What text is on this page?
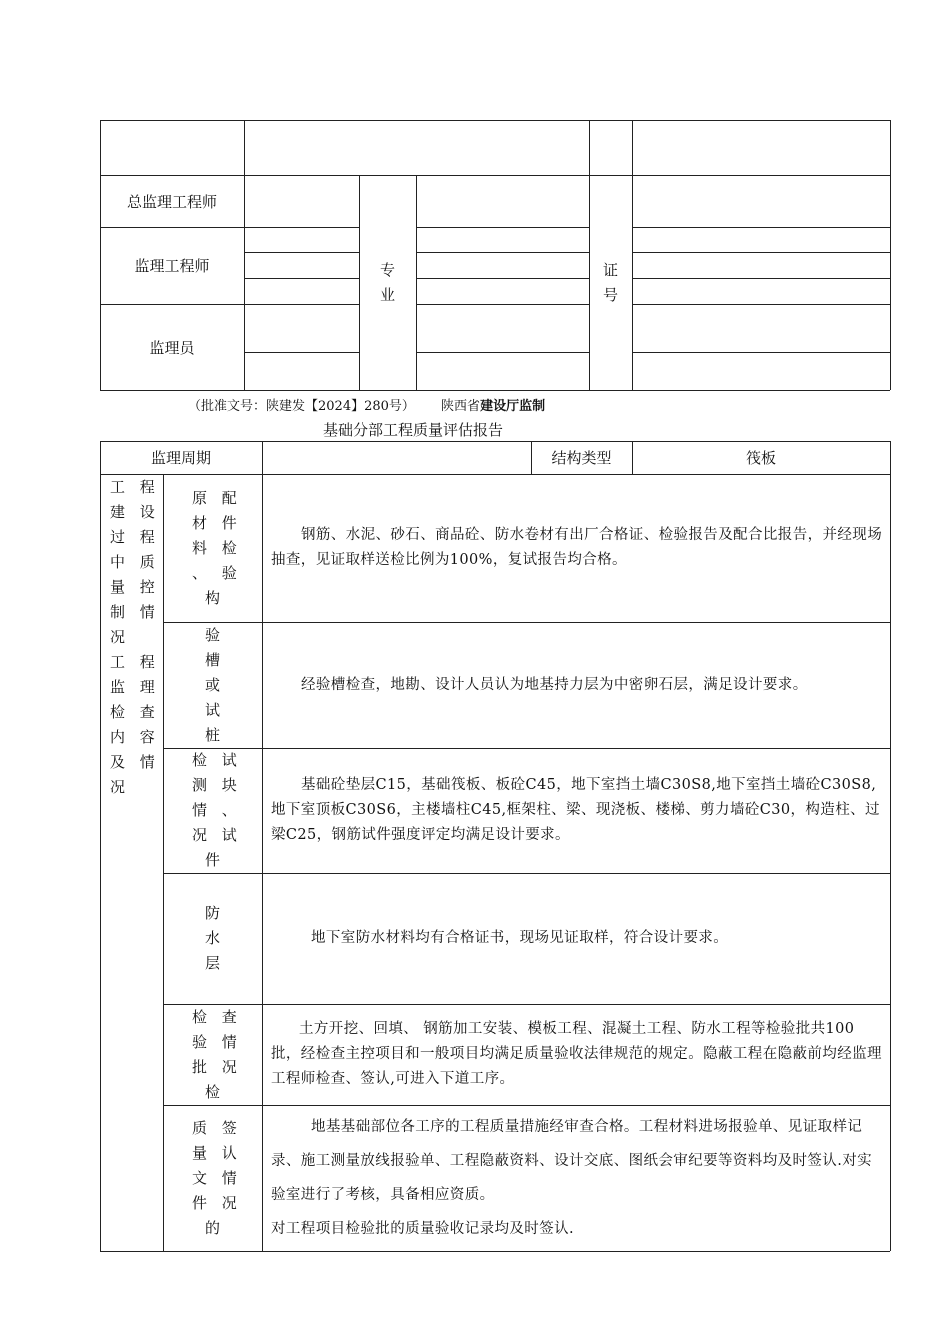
总监理工程师
监理工程师
监理员
专
业
证
号
（批准文号：陕建发【2024】280号） 陕西省建设厅监制
基础分部工程质量评估报告
监理周期	结构类型	筏板
工 程
建 设
过 程
中 质
量 控
制 情
况
工 程
监 理
检 查
内 容
及 情
况
原 配
材 件
料 检
、 验
构

钢筋、水泥、砂石、商品砼、防水卷材有出厂合格证、检验报告及配合比报告，并经现场抽查，见证取样送检比例为100%，复试报告均合格。

验
槽
或
试
桩

经验槽检查，地勘、设计人员认为地基持力层为中密卵石层，满足设计要求。

检 试
测 块
情 、
况 试
件

基础砼垫层C15，基础筏板、板砼C45，地下室挡土墙C30S8,地下室挡土墙砼C30S8,地下室顶板C30S6，主楼墙柱C45,框架柱、梁、现浇板、楼梯、剪力墙砼C30，构造柱、过梁C25，钢筋试件强度评定均满足设计要求。

防
水
层

地下室防水材料均有合格证书，现场见证取样，符合设计要求。

检 查
验 情
批 况
检

土方开挖、回填、 钢筋加工安装、模板工程、混凝土工程、防水工程等检验批共100批，经检查主控项目和一般项目均满足质量验收法律规范的规定。隐蔽工程在隐蔽前均经监理工程师检查、签认,可进入下道工序。

质 签
量 认
文 情
件 况
的

地基基础部位各工序的工程质量措施经审查合格。工程材料进场报验单、见证取样记录、施工测量放线报验单、工程隐蔽资料、设计交底、图纸会审纪要等资料均及时签认.对实验室进行了考核，具备相应资质。

对工程项目检验批的质量验收记录均及时签认.
